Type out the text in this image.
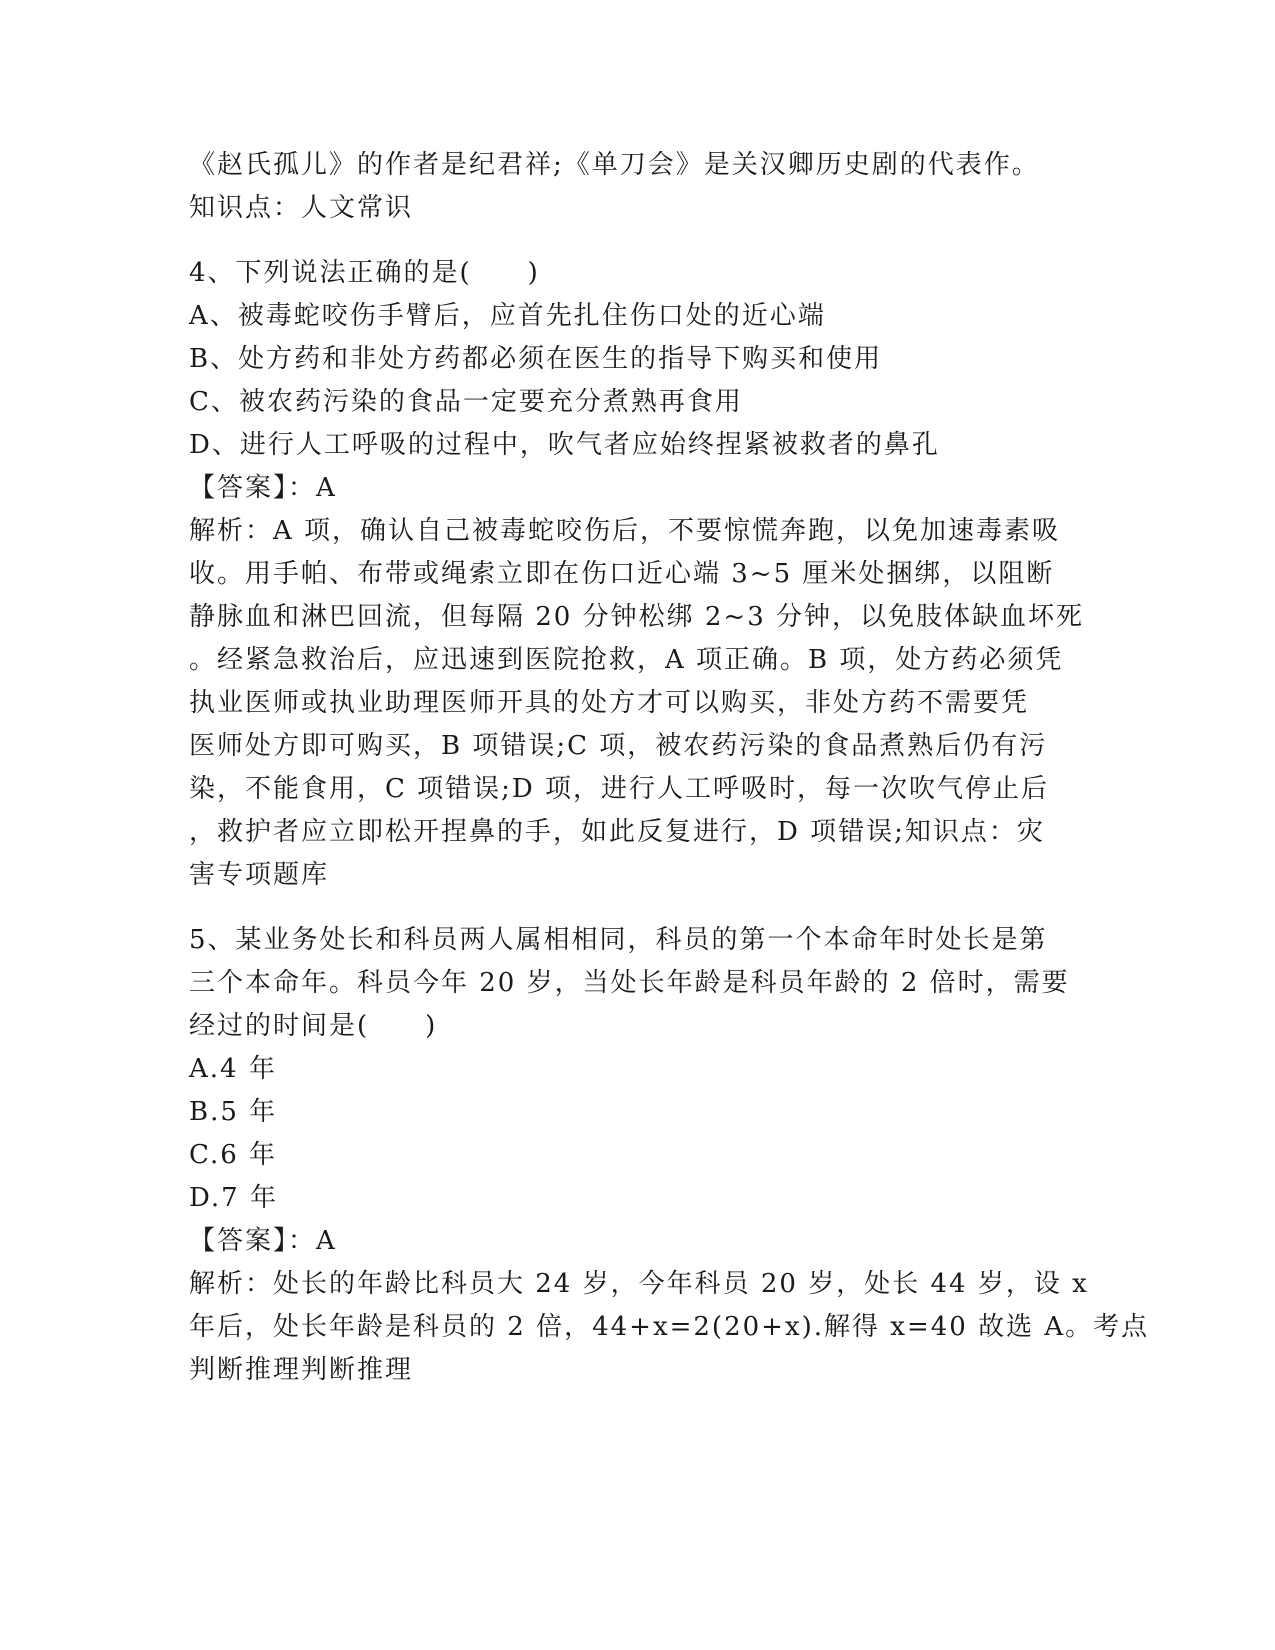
《赵氏孤儿》的作者是纪君祥;《单刀会》是关汉卿历史剧的代表作。
知识点：人文常识
4、下列说法正确的是(　　)
A、被毒蛇咬伤手臂后，应首先扎住伤口处的近心端
B、处方药和非处方药都必须在医生的指导下购买和使用
C、被农药污染的食品一定要充分煮熟再食用
D、进行人工呼吸的过程中，吹气者应始终捏紧被救者的鼻孔
【答案】：A
解析：A 项，确认自己被毒蛇咬伤后，不要惊慌奔跑，以免加速毒素吸
收。用手帕、布带或绳索立即在伤口近心端 3~5 厘米处捆绑，以阻断
静脉血和淋巴回流，但每隔 20 分钟松绑 2~3 分钟，以免肢体缺血坏死
。经紧急救治后，应迅速到医院抢救，A 项正确。B 项，处方药必须凭
执业医师或执业助理医师开具的处方才可以购买，非处方药不需要凭
医师处方即可购买，B 项错误;C 项，被农药污染的食品煮熟后仍有污
染，不能食用，C 项错误;D 项，进行人工呼吸时，每一次吹气停止后
，救护者应立即松开捏鼻的手，如此反复进行，D 项错误;知识点：灾
害专项题库
5、某业务处长和科员两人属相相同，科员的第一个本命年时处长是第
三个本命年。科员今年 20 岁，当处长年龄是科员年龄的 2 倍时，需要
经过的时间是(　　)
A.4 年
B.5 年
C.6 年
D.7 年
【答案】：A
解析：处长的年龄比科员大 24 岁，今年科员 20 岁，处长 44 岁，设 x
年后，处长年龄是科员的 2 倍，44+x=2(20+x).解得 x=40 故选 A。考点
判断推理判断推理
